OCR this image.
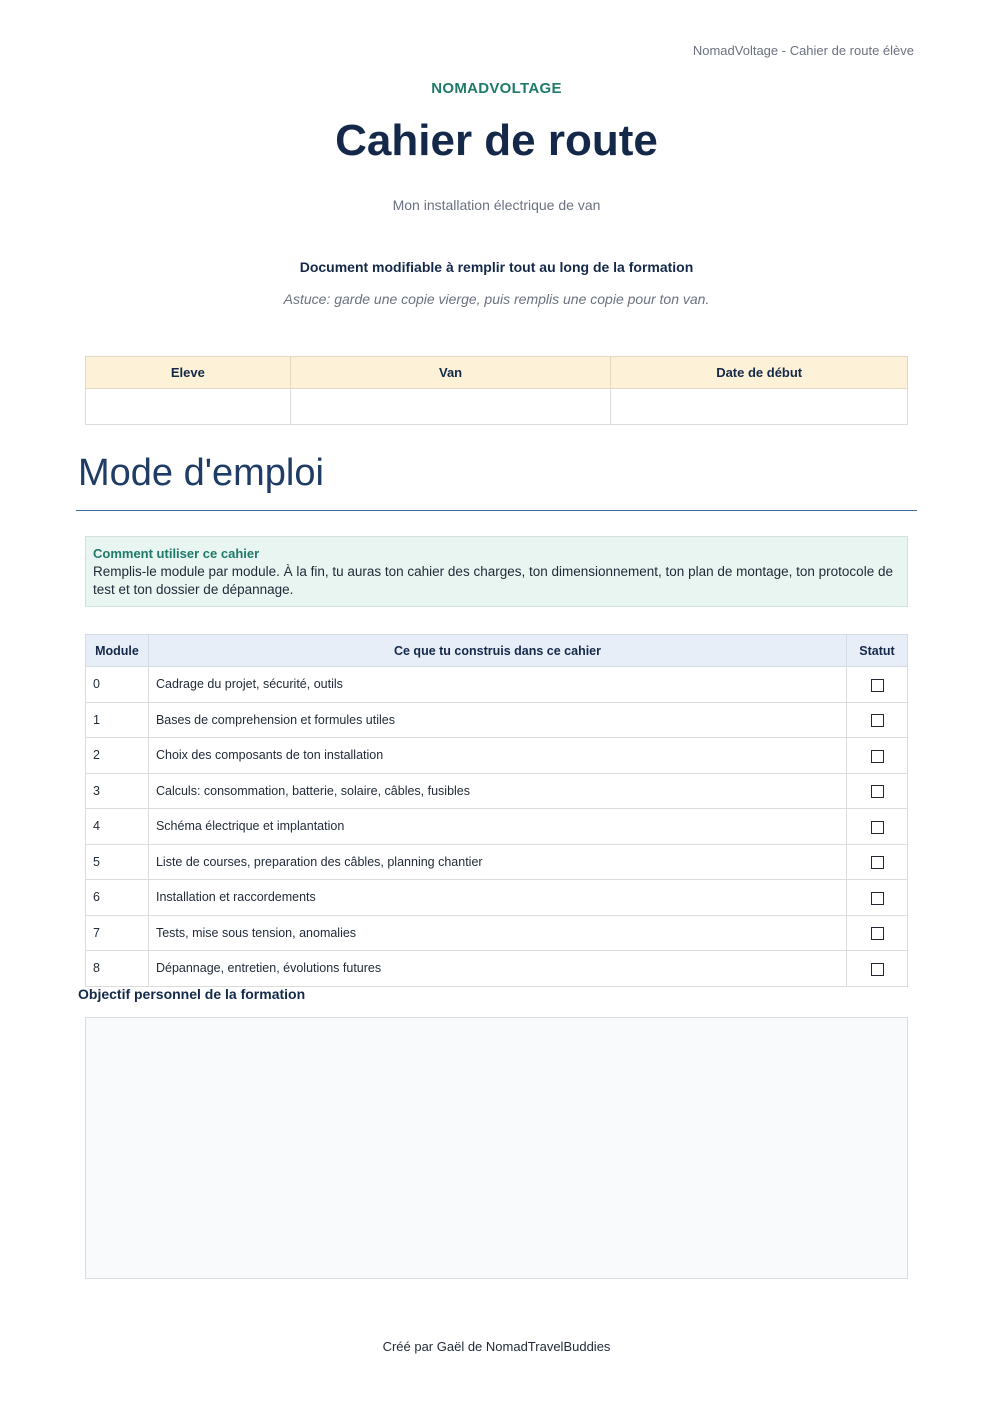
NomadVoltage - Cahier de route élève
NOMADVOLTAGE
Cahier de route
Mon installation électrique de van
Document modifiable à remplir tout au long de la formation
Astuce: garde une copie vierge, puis remplis une copie pour ton van.
Eleve	Van	Date de début

Mode d'emploi
Comment utiliser ce cahier
Remplis-le module par module. À la fin, tu auras ton cahier des charges, ton dimensionnement, ton plan de montage, ton protocole de test et ton dossier de dépannage.
Module	Ce que tu construis dans ce cahier	Statut
0	Cadrage du projet, sécurité, outils	
1	Bases de comprehension et formules utiles	
2	Choix des composants de ton installation	
3	Calculs: consommation, batterie, solaire, câbles, fusibles	
4	Schéma électrique et implantation	
5	Liste de courses, preparation des câbles, planning chantier	
6	Installation et raccordements	
7	Tests, mise sous tension, anomalies	
8	Dépannage, entretien, évolutions futures	
Objectif personnel de la formation
Créé par Gaël de NomadTravelBuddies
